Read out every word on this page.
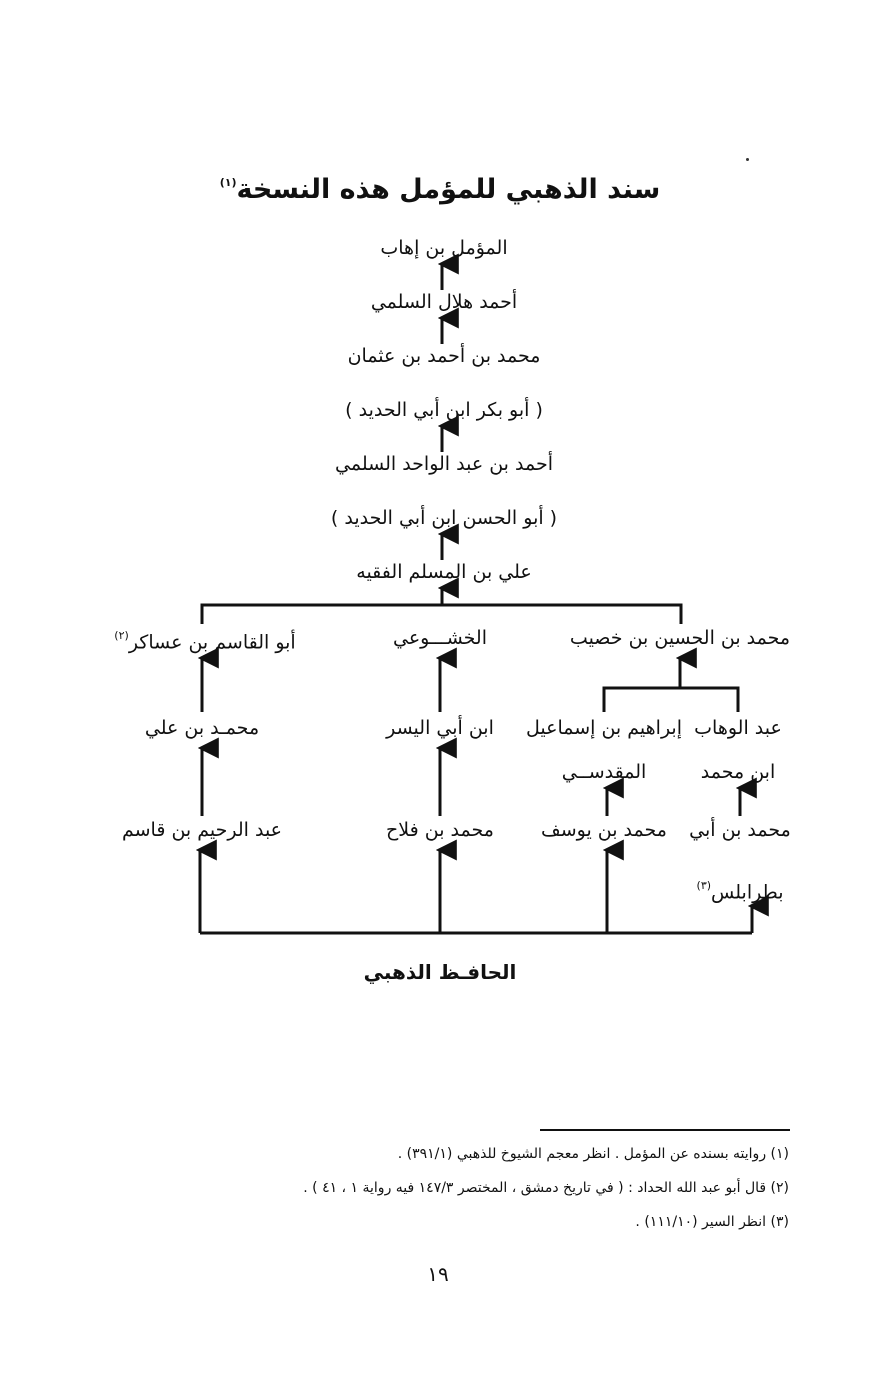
سند الذهبي للمؤمل هذه النسخة$^{(١)}$
المؤمل بن إهاب
أحمد هلال السلمي
محمد بن أحمد بن عثمان
( أبو بكر ابن أبي الحديد )
أحمد بن عبد الواحد السلمي
( أبو الحسن ابن أبي الحديد )
علي بن المسلم الفقيه
محمد بن الحسين بن خصيب
الخشـــوعي
أبو القاسم بن عساكر$^{(٢)}$
عبد الوهاب
ابن محمد
إبراهيم بن إسماعيل
المقدســي
ابن أبي اليسر
محمـد بن علي
محمد بن أبي
بطرابلس$^{(٣)}$
محمد بن يوسف
محمد بن فلاح
عبد الرحيم بن قاسم
الحافـظ الذهبي
(١) روايته بسنده عن المؤمل . انظر معجم الشيوخ للذهبي (٣٩١/١) .
(٢) قال أبو عبد الله الحداد : ( في تاريخ دمشق ، المختصر ١٤٧/٣ فيه رواية ١ ، ٤١ ) .
(٣) انظر السير (١١١/١٠) .
١٩
